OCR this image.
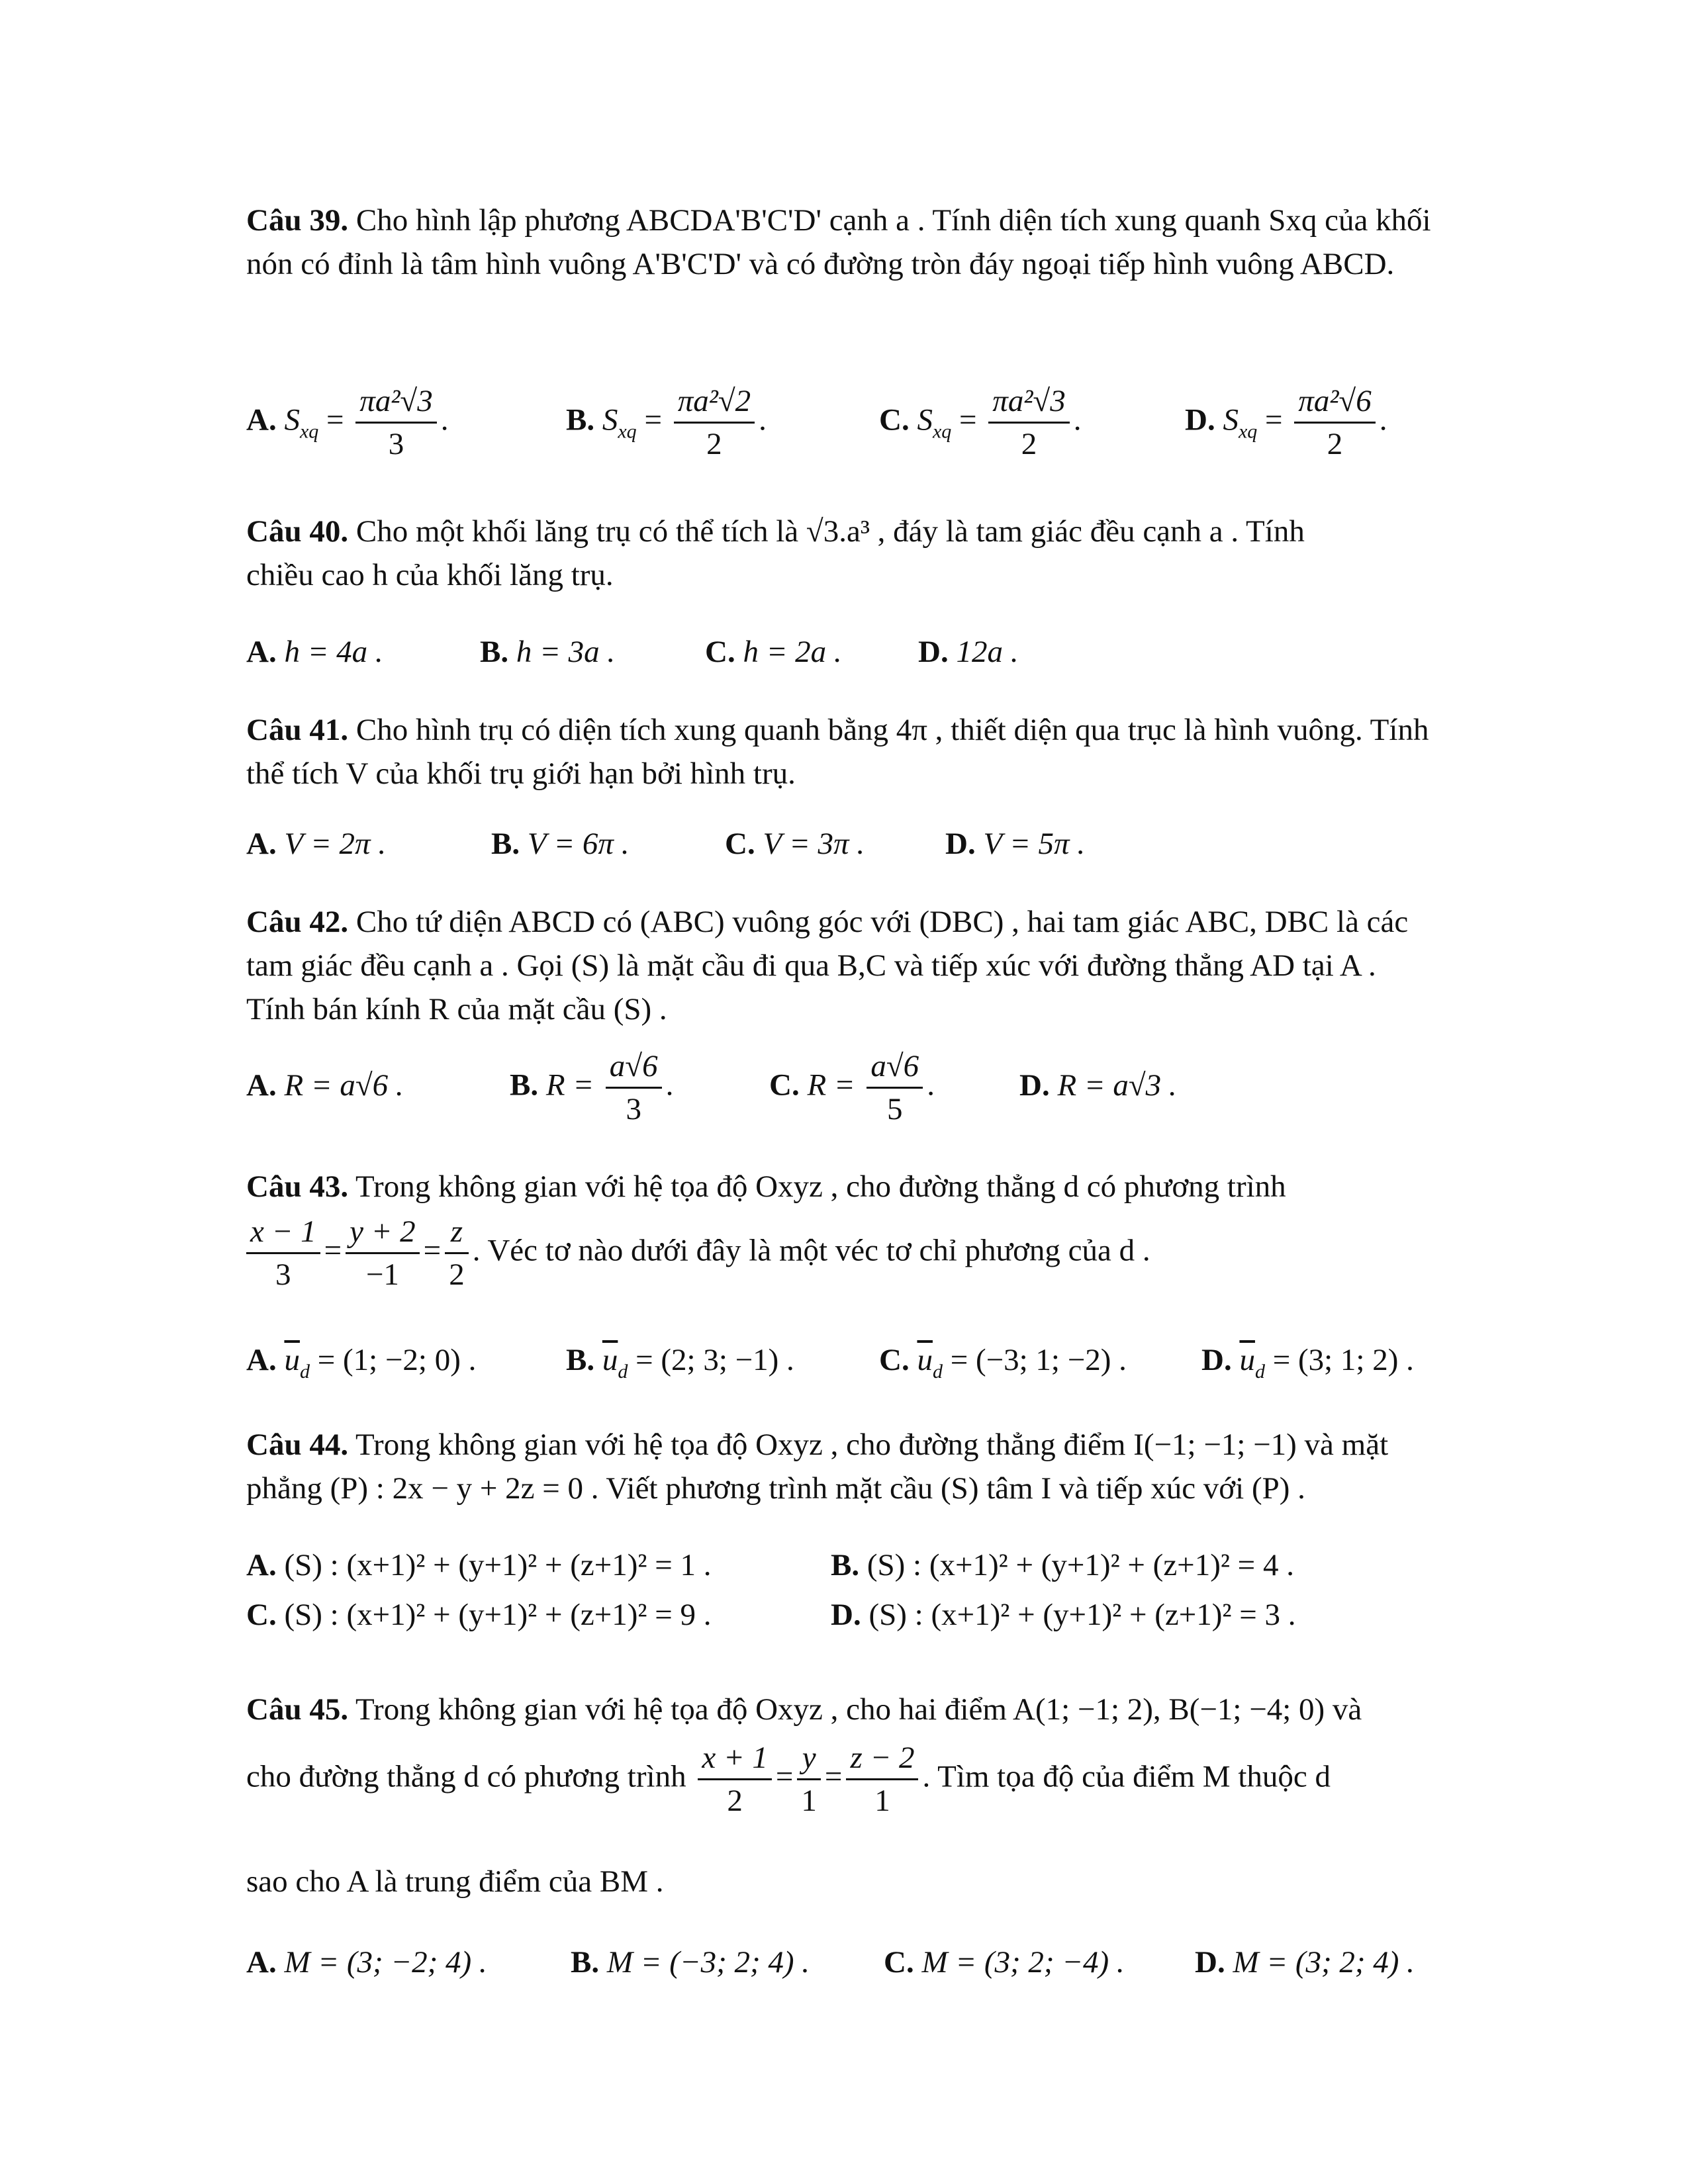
Câu 39. Cho hình lập phương ABCDA'B'C'D' cạnh a . Tính diện tích xung quanh Sxq của khối nón có đỉnh là tâm hình vuông A'B'C'D' và có đường tròn đáy ngoại tiếp hình vuông ABCD.
A. $S_{xq} = \frac{\text{πa²√3}}{3}$ .	B. $S_{xq} = \frac{\text{πa²√2}}{2}$ .	C. $S_{xq} = \frac{\text{πa²√3}}{2}$ .	D. $S_{xq} = \frac{\text{πa²√6}}{2}$ .
Câu 40. Cho một khối lăng trụ có thể tích là √3.a³ , đáy là tam giác đều cạnh a . Tính chiều cao h của khối lăng trụ.
A. h = 4a .	B. h = 3a .	C. h = 2a . D. 12a .
Câu 41. Cho hình trụ có diện tích xung quanh bằng 4π , thiết diện qua trục là hình vuông. Tính thể tích V của khối trụ giới hạn bởi hình trụ.
A. V = 2π .	B. V = 6π .	C. V = 3π .	D. V = 5π .
Câu 42. Cho tứ diện ABCD có (ABC) vuông góc với (DBC) , hai tam giác ABC, DBC là các tam giác đều cạnh a . Gọi (S) là mặt cầu đi qua B,C và tiếp xúc với đường thẳng AD tại A . Tính bán kính R của mặt cầu (S) .
A. R = a√6 .	B. $R = \frac{a√6}{3}$ .	C. $R = \frac{a√6}{5}$ .	D. R = a√3 .
Câu 43. Trong không gian với hệ tọa độ Oxyz , cho đường thẳng d có phương trình
$\frac{x - 1}{3} = \frac{y + 2}{-1} = \frac{z}{2}$ . Véc tơ nào dưới đây là một véc tơ chỉ phương của d .
A. $\overline{u}_d = (1$; −2; 0) .	B. $\overline{u}_d = (2$; 3; −1) .	C. $\overline{u}_d = (-3$; 1; −2) . D. $\overline{u}_d = (3$; 1; 2) .
Câu 44. Trong không gian với hệ tọa độ Oxyz , cho đường thẳng điểm I(−1; −1; −1) và mặt phẳng (P) : 2x − y + 2z = 0 . Viết phương trình mặt cầu (S) tâm I và tiếp xúc với (P) .
A. (S) : (x+1)² + (y+1)² + (z+1)² = 1 .	B. (S) : (x+1)² + (y+1)² + (z+1)² = 4 .
C. (S) : (x+1)² + (y+1)² + (z+1)² = 9 .	D. (S) : (x+1)² + (y+1)² + (z+1)² = 3 .
Câu 45. Trong không gian với hệ tọa độ Oxyz , cho hai điểm A(1; −1; 2), B(−1; −4; 0) và
cho đường thẳng d có phương trình $\frac{x + 1}{2} = \frac{y}{1} = \frac{z - 2}{1}$ . Tìm tọa độ của điểm M thuộc d
sao cho A là trung điểm của BM .
A. M = (3; −2; 4) .	B. M = (−3; 2; 4) . C. M = (3; 2; −4) . D. M = (3; 2; 4) .
